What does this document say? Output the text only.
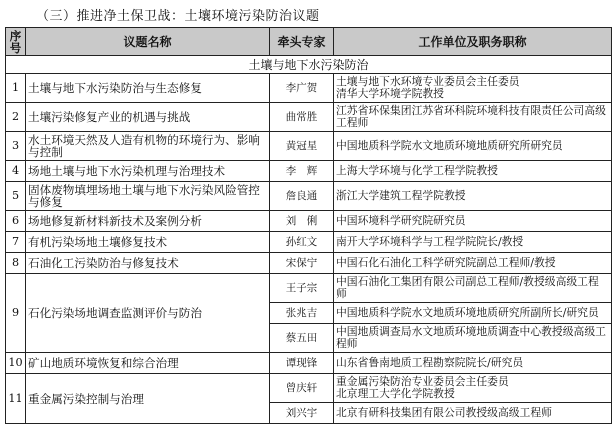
（三）推进净土保卫战：土壤环境污染防治议题
序号	议题名称	牵头专家	工作单位及职务职称
土壤与地下水污染防治			
1	土壤与地下水污染防治与生态修复	李广贺	土壤与地下水环境专业委员会主任委员
清华大学环境学院教授
2	土壤污染修复产业的机遇与挑战	曲常胜	江苏省环保集团江苏省环科院环境科技有限责任公司高级工程师
3	水土环境天然及人造有机物的环境行为、影响与控制	黄冠星	中国地质科学院水文地质环境地质研究所研究员
4	场地土壤与地下水污染机理与治理技术	李　辉	上海大学环境与化学工程学院教授
5	固体废物填埋场地土壤与地下水污染风险管控与修复	詹良通	浙江大学建筑工程学院教授
6	场地修复新材料新技术及案例分析	刘　俐	中国环境科学研究院研究员
7	有机污染场地土壤修复技术	孙红文	南开大学环境科学与工程学院院长/教授
8	石油化工污染防治与修复技术	宋保宁	中国石化石油化工科学研究院副总工程师/教授
9	石化污染场地调查监测评价与防治	王子宗	中国石油化工集团有限公司副总工程师/教授级高级工程师
		张兆吉	中国地质科学院水文地质环境地质研究所副所长/研究员
		蔡五田	中国地质调查局水文地质环境地质调查中心教授级高级工程师
10	矿山地质环境恢复和综合治理	谭现锋	山东省鲁南地质工程勘察院院长/研究员
11	重金属污染控制与治理	曾庆轩	重金属污染防治专业委员会主任委员
北京理工大学化学院教授
		刘兴宇	北京有研科技集团有限公司教授级高级工程师
